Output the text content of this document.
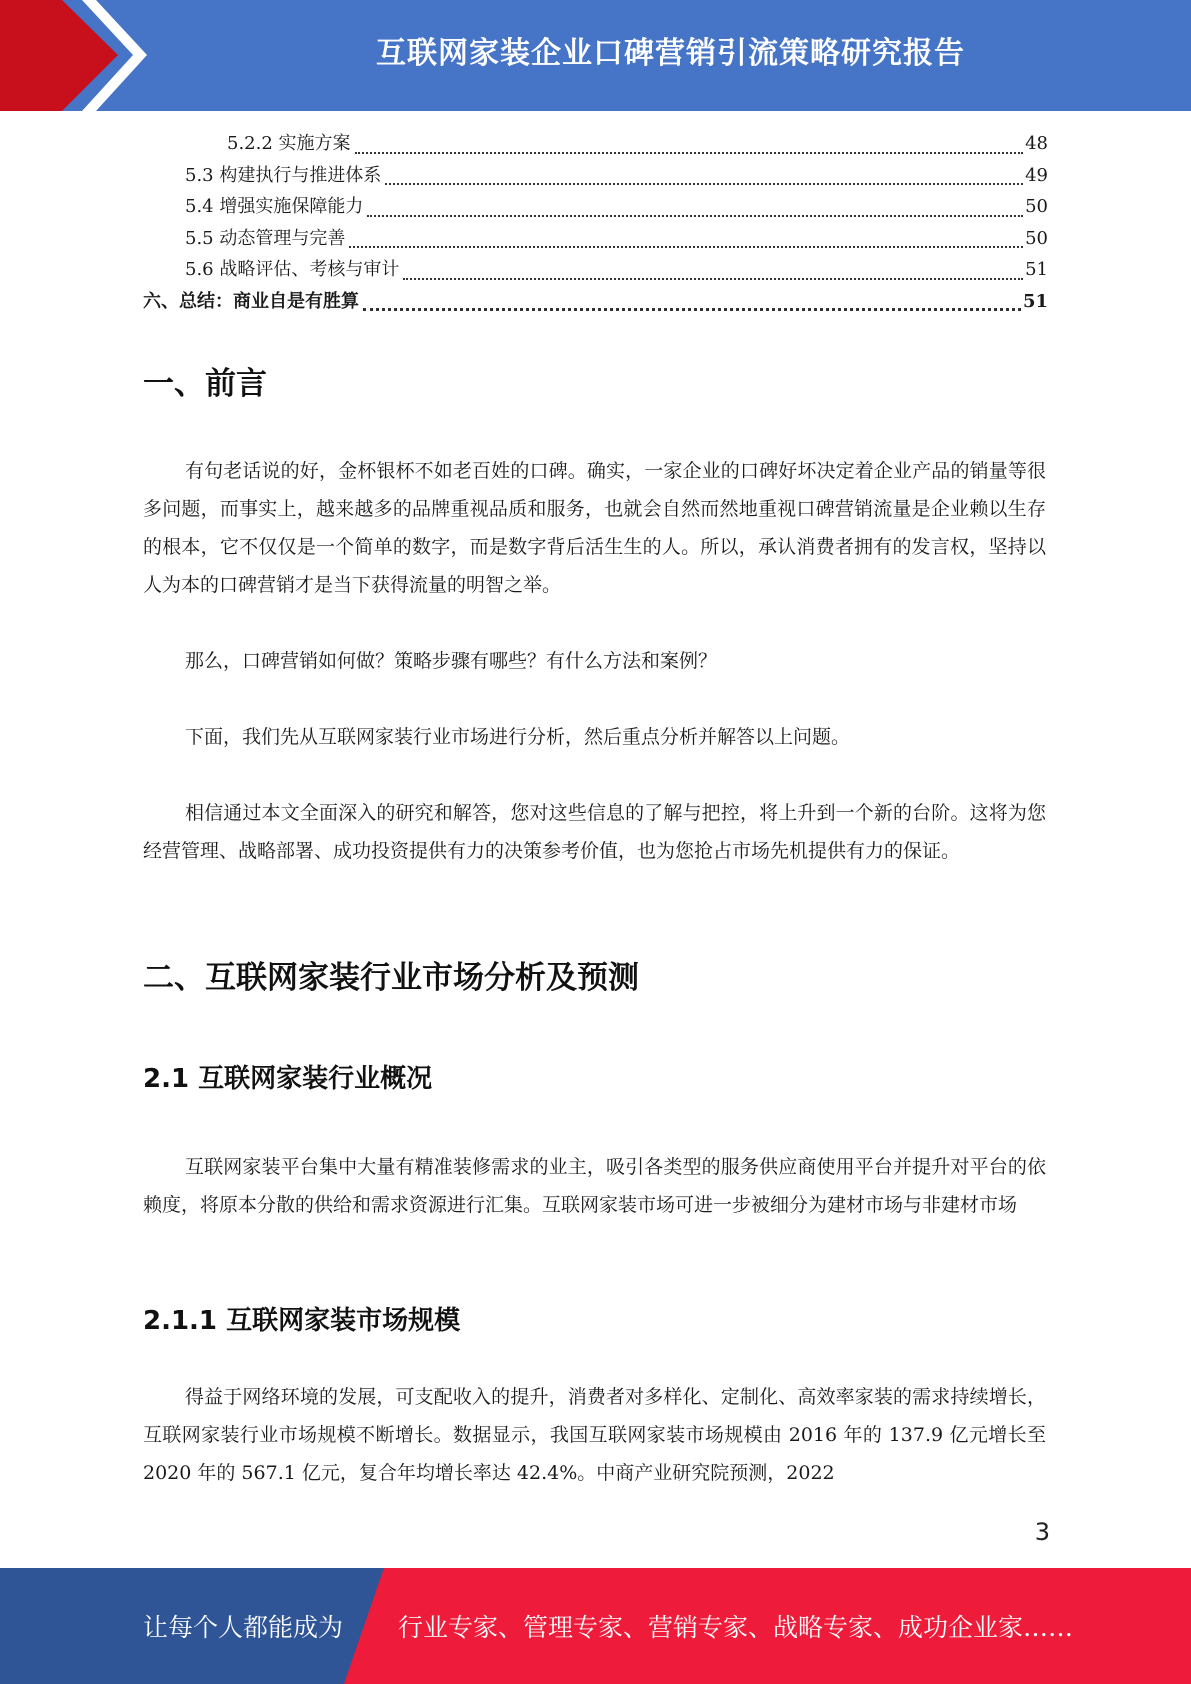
互联网家装企业口碑营销引流策略研究报告
5.2.2 实施方案	48
5.3 构建执行与推进体系	49
5.4 增强实施保障能力	50
5.5 动态管理与完善	50
5.6 战略评估、考核与审计	51
六、总结：商业自是有胜算	51
一、前言

有句老话说的好，金杯银杯不如老百姓的口碑。确实，一家企业的口碑好坏决定着企业产品的销量等很多问题，而事实上，越来越多的品牌重视品质和服务，也就会自然而然地重视口碑营销流量是企业赖以生存的根本，它不仅仅是一个简单的数字，而是数字背后活生生的人。所以，承认消费者拥有的发言权，坚持以人为本的口碑营销才是当下获得流量的明智之举。

那么，口碑营销如何做？策略步骤有哪些？有什么方法和案例？

下面，我们先从互联网家装行业市场进行分析，然后重点分析并解答以上问题。

相信通过本文全面深入的研究和解答，您对这些信息的了解与把控，将上升到一个新的台阶。这将为您经营管理、战略部署、成功投资提供有力的决策参考价值，也为您抢占市场先机提供有力的保证。

二、互联网家装行业市场分析及预测
2.1 互联网家装行业概况

互联网家装平台集中大量有精准装修需求的业主，吸引各类型的服务供应商使用平台并提升对平台的依赖度，将原本分散的供给和需求资源进行汇集。互联网家装市场可进一步被细分为建材市场与非建材市场

2.1.1 互联网家装市场规模

得益于网络环境的发展，可支配收入的提升，消费者对多样化、定制化、高效率家装的需求持续增长，互联网家装行业市场规模不断增长。数据显示，我国互联网家装市场规模由 2016 年的 137.9 亿元增长至 2020 年的 567.1 亿元，复合年均增长率达 42.4%。中商产业研究院预测，2022

3
让每个人都能成为 行业专家、管理专家、营销专家、战略专家、成功企业家……
